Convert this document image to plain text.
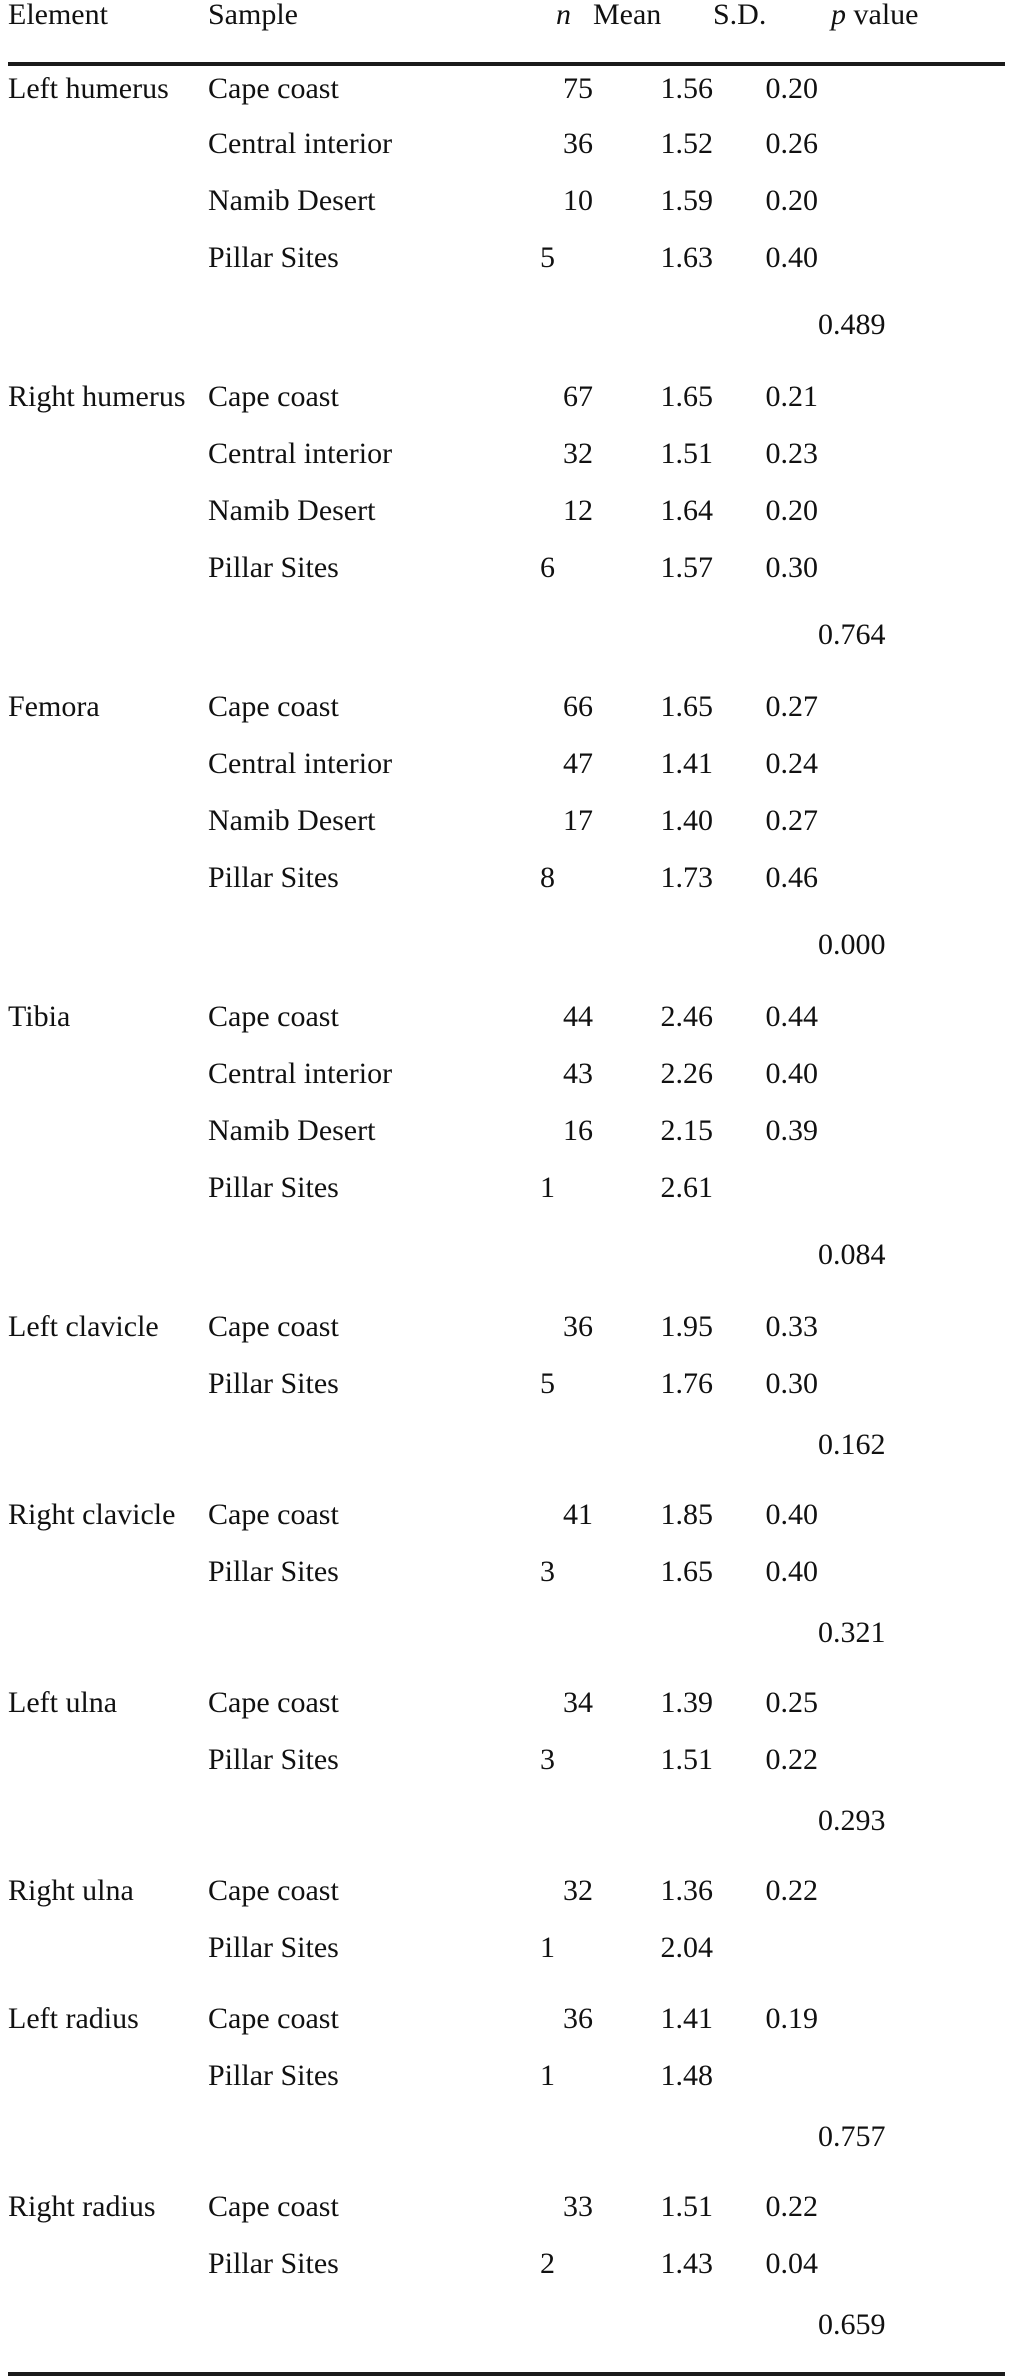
Element	Sample	n	Mean	S.D.	p value

Left humerus	Cape coast	75	1.56	0.20	
	Central interior	36	1.52	0.26	
	Namib Desert	10	1.59	0.20	
	Pillar Sites	5	1.63	0.40	
					0.489
Right humerus	Cape coast	67	1.65	0.21	
	Central interior	32	1.51	0.23	
	Namib Desert	12	1.64	0.20	
	Pillar Sites	6	1.57	0.30	
					0.764
Femora	Cape coast	66	1.65	0.27	
	Central interior	47	1.41	0.24	
	Namib Desert	17	1.40	0.27	
	Pillar Sites	8	1.73	0.46	
					0.000
Tibia	Cape coast	44	2.46	0.44	
	Central interior	43	2.26	0.40	
	Namib Desert	16	2.15	0.39	
	Pillar Sites	1	2.61		
					0.084
Left clavicle	Cape coast	36	1.95	0.33	
	Pillar Sites	5	1.76	0.30	
					0.162
Right clavicle	Cape coast	41	1.85	0.40	
	Pillar Sites	3	1.65	0.40	
					0.321
Left ulna	Cape coast	34	1.39	0.25	
	Pillar Sites	3	1.51	0.22	
					0.293
Right ulna	Cape coast	32	1.36	0.22	
	Pillar Sites	1	2.04		
Left radius	Cape coast	36	1.41	0.19	
	Pillar Sites	1	1.48		
					0.757
Right radius	Cape coast	33	1.51	0.22	
	Pillar Sites	2	1.43	0.04	
					0.659
